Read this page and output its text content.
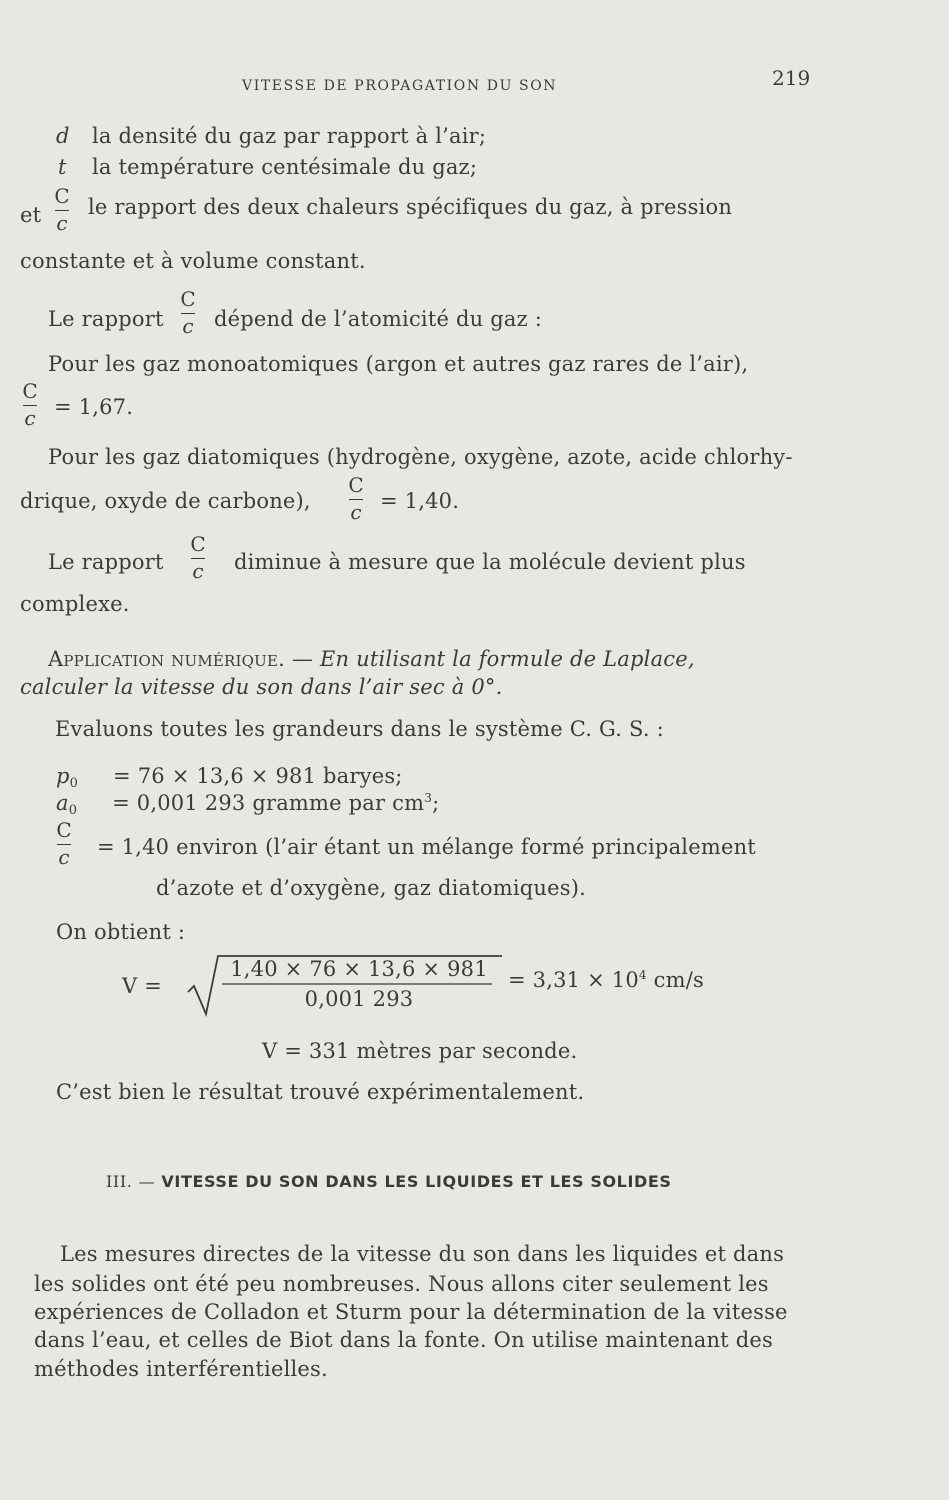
VITESSE DE PROPAGATION DU SON	219
d la densité du gaz par rapport à l’air;
t la température centésimale du gaz;
et
C
c
le rapport des deux chaleurs spécifiques du gaz, à pression
constante et à volume constant.
Le rapport
C
c dépend de l’atomicité du gaz :
Pour les gaz monoatomiques (argon et autres gaz rares de l’air),
C
c = 1,67.
Pour les gaz diatomiques (hydrogène, oxygène, azote, acide chlorhy-
drique, oxyde de carbone),
C
c = 1,40.
Le rapport
C
c diminue à mesure que la molécule devient plus
complexe.
Application numérique. — En utilisant la formule de Laplace,
calculer la vitesse du son dans l’air sec à 0°.
Evaluons toutes les grandeurs dans le système C. G. S. :
$p_0 = 76 \times 13,6 \times 981$ baryes;
$a_0 = 0,001$ 293 gramme par $cm^3$;
C
c = 1,40 environ (l’air étant un mélange formé principalement
d’azote et d’oxygène, gaz diatomiques).
On obtient :
V =
1,40 × 76 × 13,6 × 981
0,001 293
= $3,31 \times 10^4$ cm/s
V = 331 mètres par seconde.
C’est bien le résultat trouvé expérimentalement.
III. — VITESSE DU SON DANS LES LIQUIDES ET LES SOLIDES
Les mesures directes de la vitesse du son dans les liquides et dans
les solides ont été peu nombreuses. Nous allons citer seulement les
expériences de Colladon et Sturm pour la détermination de la vitesse
dans l’eau, et celles de Biot dans la fonte. On utilise maintenant des
méthodes interférentielles.
